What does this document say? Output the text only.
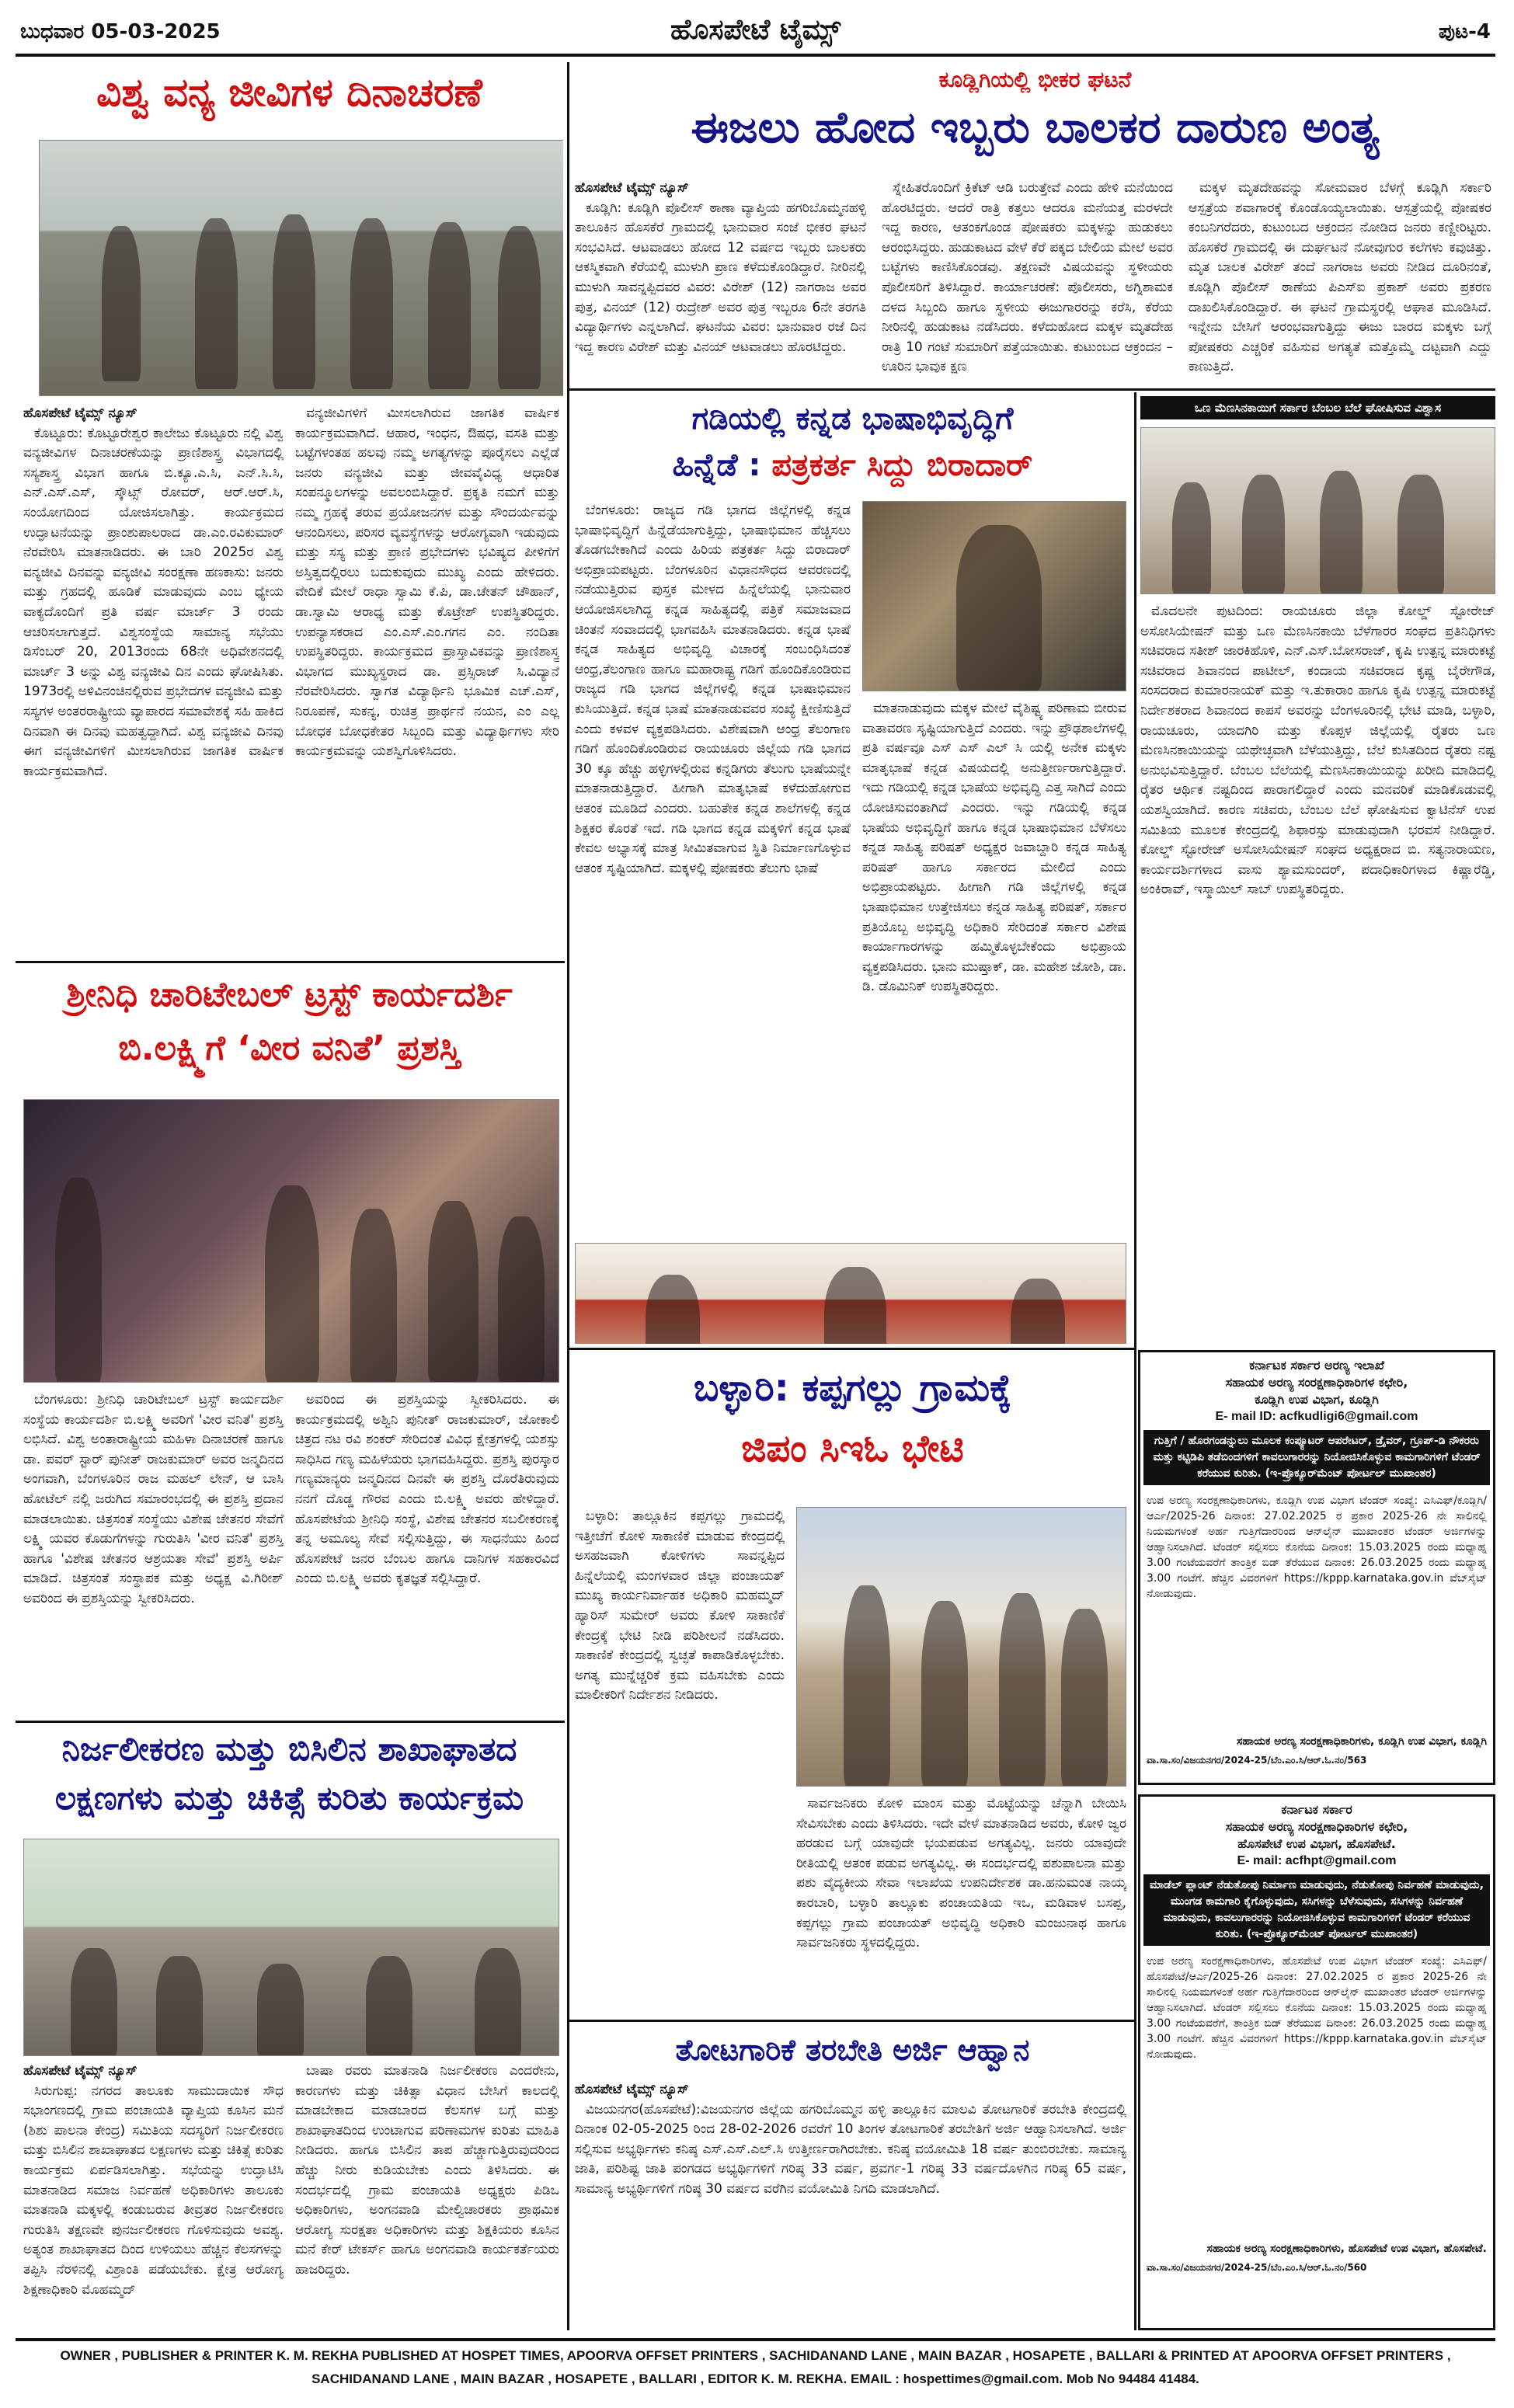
ಬುಧವಾರ 05-03-2025	ಹೊಸಪೇಟೆ ಟೈಮ್ಸ್	ಪುಟ-4
ವಿಶ್ವ ವನ್ಯ ಜೀವಿಗಳ ದಿನಾಚರಣೆ
ಹೊಸಪೇಟೆ ಟೈಮ್ಸ್ ನ್ಯೂಸ್

ಕೊಟ್ಟೂರು: ಕೊಟ್ಟೂರೇಶ್ವರ ಕಾಲೇಜು ಕೊಟ್ಟೂರು ನಲ್ಲಿ ವಿಶ್ವ ವನ್ಯಜೀವಿಗಳ ದಿನಾಚರಣೆಯನ್ನು ಪ್ರಾಣಿಶಾಸ್ತ್ರ ವಿಭಾಗದಲ್ಲಿ ಸಸ್ಯಶಾಸ್ತ್ರ ವಿಭಾಗ ಹಾಗೂ ಬಿ.ಕ್ಯೂ.ಎ.ಸಿ, ಎನ್.ಸಿ.ಸಿ, ಎನ್.ಎಸ್.ಎಸ್, ಸ್ಕೌಟ್ಸ್ ರೋವರ್, ಆರ್.ಆರ್.ಸಿ, ಸಂಯೋಗದಿಂದ ಯೋಜಿಸಲಾಗಿತ್ತು. ಕಾರ್ಯಕ್ರಮದ ಉದ್ಘಾಟನೆಯನ್ನು ಪ್ರಾಂಶುಪಾಲರಾದ ಡಾ.ಎಂ.ರವಿಕುಮಾರ್ ನೆರವೇರಿಸಿ ಮಾತನಾಡಿದರು. ಈ ಬಾರಿ 2025ರ ವಿಶ್ವ ವನ್ಯಜೀವಿ ದಿನವನ್ನು ವನ್ಯಜೀವಿ ಸಂರಕ್ಷಣಾ ಹಣಕಾಸು: ಜನರು ಮತ್ತು ಗ್ರಹದಲ್ಲಿ ಹೂಡಿಕೆ ಮಾಡುವುದು ಎಂಬ ಧ್ಯೇಯ ವಾಕ್ಯದೊಂದಿಗೆ ಪ್ರತಿ ವರ್ಷ ಮಾರ್ಚ್ 3 ರಂದು ಆಚರಿಸಲಾಗುತ್ತದೆ. ವಿಶ್ವಸಂಸ್ಥೆಯ ಸಾಮಾನ್ಯ ಸಭೆಯು ಡಿಸೆಂಬರ್ 20, 2013ರಂದು 68ನೇ ಅಧಿವೇಶನದಲ್ಲಿ ಮಾರ್ಚ್ 3 ಅನ್ನು ವಿಶ್ವ ವನ್ಯಜೀವಿ ದಿನ ಎಂದು ಘೋಷಿಸಿತು. 1973ರಲ್ಲಿ ಅಳಿವಿನಂಚಿನಲ್ಲಿರುವ ಪ್ರಭೇದಗಳ ವನ್ಯಜೀವಿ ಮತ್ತು ಸಸ್ಯಗಳ ಅಂತರರಾಷ್ಟ್ರೀಯ ವ್ಯಾಪಾರದ ಸಮಾವೇಶಕ್ಕೆ ಸಹಿ ಹಾಕಿದ ದಿನವಾಗಿ ಈ ದಿನವು ಮಹತ್ವದ್ದಾಗಿದೆ. ವಿಶ್ವ ವನ್ಯಜೀವಿ ದಿನವು ಈಗ ವನ್ಯಜೀವಿಗಳಿಗೆ ಮೀಸಲಾಗಿರುವ ಜಾಗತಿಕ ವಾರ್ಷಿಕ ಕಾರ್ಯಕ್ರಮವಾಗಿದೆ.

ವನ್ಯಜೀವಿಗಳಿಗೆ ಮೀಸಲಾಗಿರುವ ಜಾಗತಿಕ ವಾರ್ಷಿಕ ಕಾರ್ಯಕ್ರಮವಾಗಿದೆ. ಆಹಾರ, ಇಂಧನ, ಔಷಧ, ವಸತಿ ಮತ್ತು ಬಟ್ಟೆಗಳಂತಹ ಹಲವು ನಮ್ಮ ಅಗತ್ಯಗಳನ್ನು ಪೂರೈಸಲು ಎಲ್ಲೆಡೆ ಜನರು ವನ್ಯಜೀವಿ ಮತ್ತು ಜೀವವೈವಿಧ್ಯ ಆಧಾರಿತ ಸಂಪನ್ಮೂಲಗಳನ್ನು ಅವಲಂಬಿಸಿದ್ದಾರೆ. ಪ್ರಕೃತಿ ನಮಗೆ ಮತ್ತು ನಮ್ಮ ಗ್ರಹಕ್ಕೆ ತರುವ ಪ್ರಯೋಜನಗಳ ಮತ್ತು ಸೌಂದರ್ಯವನ್ನು ಆನಂದಿಸಲು, ಪರಿಸರ ವ್ಯವಸ್ಥೆಗಳನ್ನು ಆರೋಗ್ಯವಾಗಿ ಇಡುವುದು ಮತ್ತು ಸಸ್ಯ ಮತ್ತು ಪ್ರಾಣಿ ಪ್ರಭೇದಗಳು ಭವಿಷ್ಯದ ಪೀಳಿಗೆಗೆ ಅಸ್ತಿತ್ವದಲ್ಲಿರಲು ಬದುಕುವುದು ಮುಖ್ಯ ಎಂದು ಹೇಳಿದರು. ವೇದಿಕೆ ಮೇಲೆ ರಾಧಾ ಸ್ವಾಮಿ ಕೆ.ಪಿ, ಡಾ.ಚೇತನ್ ಚೌಹಾನ್, ಡಾ.ಸ್ವಾಮಿ ಆರಾಧ್ಯ ಮತ್ತು ಕೊಟ್ರೇಶ್ ಉಪಸ್ಥಿತರಿದ್ದರು. ಉಪನ್ಯಾಸಕರಾದ ಎಂ.ಎಸ್.ಎಂ.ಗಗನ ಎಂ. ನಂದಿತಾ ಉಪಸ್ಥಿತರಿದ್ದರು. ಕಾರ್ಯಕ್ರಮದ ಪ್ರಾಸ್ತಾವಿಕವನ್ನು ಪ್ರಾಣಿಶಾಸ್ತ್ರ ವಿಭಾಗದ ಮುಖ್ಯಸ್ಥರಾದ ಡಾ. ಪ್ರಸ್ಸಿರಾಜ್ ಸಿ.ವಿದ್ಯಾನೆ ನೆರವೇರಿಸಿದರು. ಸ್ವಾಗತ ವಿದ್ಯಾರ್ಥಿನಿ ಭೂಮಿಕ ಎಚ್.ಎಸ್, ನಿರೂಪಣೆ, ಸುಕನ್ಯ, ರುಚಿತ್ರ ಪ್ರಾರ್ಥನೆ ನಯನ, ಎಂ ಎಲ್ಲ ಬೋಧಕ ಬೋಧಕೇತರ ಸಿಬ್ಬಂದಿ ಮತ್ತು ವಿದ್ಯಾರ್ಥಿಗಳು ಸೇರಿ ಕಾರ್ಯಕ್ರಮವನ್ನು ಯಶಸ್ವಿಗೊಳಿಸಿದರು.

ಶ್ರೀನಿಧಿ ಚಾರಿಟೇಬಲ್ ಟ್ರಸ್ಟ್ ಕಾರ್ಯದರ್ಶಿ
ಬಿ.ಲಕ್ಷ್ಮಿಗೆ ‘ವೀರ ವನಿತೆ’ ಪ್ರಶಸ್ತಿ

ಬೆಂಗಳೂರು: ಶ್ರೀನಿಧಿ ಚಾರಿಟೇಬಲ್ ಟ್ರಸ್ಟ್ ಕಾರ್ಯದರ್ಶಿ ಸಂಸ್ಥೆಯ ಕಾರ್ಯದರ್ಶಿ ಬಿ.ಲಕ್ಷ್ಮಿ ಅವರಿಗೆ 'ವೀರ ವನಿತೆ' ಪ್ರಶಸ್ತಿ ಲಭಿಸಿದೆ. ವಿಶ್ವ ಅಂತಾರಾಷ್ಟ್ರೀಯ ಮಹಿಳಾ ದಿನಾಚರಣೆ ಹಾಗೂ ಡಾ. ಪವರ್ ಸ್ಟಾರ್ ಪುನೀತ್ ರಾಜಕುಮಾರ್ ಅವರ ಜನ್ಮದಿನದ ಅಂಗವಾಗಿ, ಬೆಂಗಳೂರಿನ ರಾಜ ಮಹಲ್ ಲೇನ್, ಆ ಬಾಸಿ ಹೋಟೆಲ್ ನಲ್ಲಿ ಜರುಗಿದ ಸಮಾರಂಭದಲ್ಲಿ ಈ ಪ್ರಶಸ್ತಿ ಪ್ರದಾನ ಮಾಡಲಾಯಿತು. ಚಿತ್ರಸಂತೆ ಸಂಸ್ಥೆಯು ವಿಶೇಷ ಚೇತನರ ಸೇವೆಗೆ ಲಕ್ಷ್ಮಿ ಯವರ ಕೊಡುಗೆಗಳನ್ನು ಗುರುತಿಸಿ 'ವೀರ ವನಿತೆ' ಪ್ರಶಸ್ತಿ ಹಾಗೂ 'ವಿಶೇಷ ಚೇತನರ ಆಶ್ರಯತಾ ಸೇವೆ' ಪ್ರಶಸ್ತಿ ಅರ್ಪಿ ಮಾಡಿದೆ. ಚಿತ್ರಸಂತೆ ಸಂಸ್ಥಾಪಕ ಮತ್ತು ಅಧ್ಯಕ್ಷ ವಿ.ಗಿರೀಶ್ ಅವರಿಂದ ಈ ಪ್ರಶಸ್ತಿಯನ್ನು ಸ್ವೀಕರಿಸಿದರು.

ಅವರಿಂದ ಈ ಪ್ರಶಸ್ತಿಯನ್ನು ಸ್ವೀಕರಿಸಿದರು. ಈ ಕಾರ್ಯಕ್ರಮದಲ್ಲಿ ಅಶ್ವಿನಿ ಪುನೀತ್ ರಾಜಕುಮಾರ್, ಜೋಕಾಲಿ ಚಿತ್ರದ ನಟ ರವಿ ಶಂಕರ್ ಸೇರಿದಂತೆ ವಿವಿಧ ಕ್ಷೇತ್ರಗಳಲ್ಲಿ ಯಶಸ್ಸು ಸಾಧಿಸಿದ ಗಣ್ಯ ಮಹಿಳೆಯರು ಭಾಗವಹಿಸಿದ್ದರು. ಪ್ರಶಸ್ತಿ ಪುರಸ್ಕಾರ ಗಣ್ಯಮಾನ್ಯರು ಜನ್ಮದಿನದ ದಿನವೇ ಈ ಪ್ರಶಸ್ತಿ ದೊರೆತಿರುವುದು ನನಗೆ ದೊಡ್ಡ ಗೌರವ ಎಂದು ಬಿ.ಲಕ್ಷ್ಮಿ ಅವರು ಹೇಳಿದ್ದಾರೆ. ಹೊಸಪೇಟೆಯ ಶ್ರೀನಿಧಿ ಸಂಸ್ಥೆ, ವಿಶೇಷ ಚೇತನರ ಸಬಲೀಕರಣಕ್ಕೆ ತನ್ನ ಅಮೂಲ್ಯ ಸೇವೆ ಸಲ್ಲಿಸುತ್ತಿದ್ದು, ಈ ಸಾಧನೆಯು ಹಿಂದೆ ಹೊಸಪೇಟೆ ಜನರ ಬೆಂಬಲ ಹಾಗೂ ದಾನಿಗಳ ಸಹಕಾರವಿದೆ ಎಂದು ಬಿ.ಲಕ್ಷ್ಮಿ ಅವರು ಕೃತಜ್ಞತೆ ಸಲ್ಲಿಸಿದ್ದಾರೆ.

ನಿರ್ಜಲೀಕರಣ ಮತ್ತು ಬಿಸಿಲಿನ ಶಾಖಾಘಾತದ
ಲಕ್ಷಣಗಳು ಮತ್ತು ಚಿಕಿತ್ಸೆ ಕುರಿತು ಕಾರ್ಯಕ್ರಮ
ಹೊಸಪೇಟೆ ಟೈಮ್ಸ್ ನ್ಯೂಸ್

ಸಿರುಗುಪ್ಪ: ನಗರದ ತಾಲೂಕು ಸಾಮುದಾಯಿಕ ಸೌಧ ಸಭಾಂಗಣದಲ್ಲಿ ಗ್ರಾಮ ಪಂಚಾಯತಿ ವ್ಯಾಪ್ತಿಯ ಕೂಸಿನ ಮನೆ (ಶಿಶು ಪಾಲನಾ ಕೇಂದ್ರ) ಸಮಿತಿಯ ಸದಸ್ಯರಿಗೆ ನಿರ್ಜಲೀಕರಣ ಮತ್ತು ಬಿಸಿಲಿನ ಶಾಖಾಘಾತದ ಲಕ್ಷಣಗಳು ಮತ್ತು ಚಿಕಿತ್ಸೆ ಕುರಿತು ಕಾರ್ಯಕ್ರಮ ಏರ್ಪಡಿಸಲಾಗಿತ್ತು. ಸಭೆಯನ್ನು ಉದ್ಘಾಟಿಸಿ ಮಾತನಾಡಿದ ಸಮಾಜ ನಿರ್ವಹಣೆ ಅಧಿಕಾರಿಗಳು ತಾಲೂಕು ಮಾತನಾಡಿ ಮಕ್ಕಳಲ್ಲಿ ಕಂಡುಬರುವ ತೀವ್ರತರ ನಿರ್ಜಲೀಕರಣ ಗುರುತಿಸಿ ತಕ್ಷಣವೇ ಪುನರ್ಜಲೀಕರಣ ಗೊಳಿಸುವುದು ಅವಶ್ಯ. ಅತ್ಯಂತ ಶಾಖಾಘಾತದ ದಿಂದ ಉಳಿಯಲು ಹೆಚ್ಚಿನ ಕೆಲಸಗಳನ್ನು ತಪ್ಪಿಸಿ ನೆರಳಿನಲ್ಲಿ ವಿಶ್ರಾಂತಿ ಪಡೆಯಬೇಕು. ಕ್ಷೇತ್ರ ಆರೋಗ್ಯ ಶಿಕ್ಷಣಾಧಿಕಾರಿ ಮೊಹಮ್ಮದ್

ಬಾಷಾ ರವರು ಮಾತನಾಡಿ ನಿರ್ಜಲೀಕರಣ ಎಂದರೇನು, ಕಾರಣಗಳು ಮತ್ತು ಚಿಕಿತ್ಸಾ ವಿಧಾನ ಬೇಸಿಗೆ ಕಾಲದಲ್ಲಿ ಮಾಡಬೇಕಾದ ಮಾಡಬಾರದ ಕೆಲಸಗಳ ಬಗ್ಗೆ ಮತ್ತು ಶಾಖಾಘಾತದಿಂದ ಉಂಟಾಗುವ ಪರಿಣಾಮಗಳ ಕುರಿತು ಮಾಹಿತಿ ನೀಡಿದರು. ಹಾಗೂ ಬಿಸಿಲಿನ ತಾಪ ಹೆಚ್ಚಾಗುತ್ತಿರುವುದರಿಂದ ಹೆಚ್ಚು ನೀರು ಕುಡಿಯಬೇಕು ಎಂದು ತಿಳಿಸಿದರು. ಈ ಸಂದರ್ಭದಲ್ಲಿ ಗ್ರಾಮ ಪಂಚಾಯತಿ ಅಧ್ಯಕ್ಷರು ಪಿಡಿಒ ಅಧಿಕಾರಿಗಳು, ಅಂಗನವಾಡಿ ಮೇಲ್ವಿಚಾರಕರು ಪ್ರಾಥಮಿಕ ಆರೋಗ್ಯ ಸುರಕ್ಷತಾ ಅಧಿಕಾರಿಗಳು ಮತ್ತು ಶಿಕ್ಷಕಿಯರು ಕೂಸಿನ ಮನೆ ಕೇರ್ ಟೇಕರ್ಸ್ ಹಾಗೂ ಅಂಗನವಾಡಿ ಕಾರ್ಯಕರ್ತೆಯರು ಹಾಜರಿದ್ದರು.

ಕೂಡ್ಲಿಗಿಯಲ್ಲಿ ಭೀಕರ ಘಟನೆ
ಈಜಲು ಹೋದ ಇಬ್ಬರು ಬಾಲಕರ ದಾರುಣ ಅಂತ್ಯ
ಹೊಸಪೇಟೆ ಟೈಮ್ಸ್ ನ್ಯೂಸ್

ಕೂಡ್ಲಿಗಿ: ಕೂಡ್ಲಿಗಿ ಪೊಲೀಸ್ ಠಾಣಾ ವ್ಯಾಪ್ತಿಯ ಹಗರಿಬೊಮ್ಮನಹಳ್ಳಿ ತಾಲೂಕಿನ ಹೊಸಕೆರೆ ಗ್ರಾಮದಲ್ಲಿ ಭಾನುವಾರ ಸಂಜೆ ಭೀಕರ ಘಟನೆ ಸಂಭವಿಸಿದೆ. ಆಟವಾಡಲು ಹೋದ 12 ವರ್ಷದ ಇಬ್ಬರು ಬಾಲಕರು ಆಕಸ್ಮಿಕವಾಗಿ ಕೆರೆಯಲ್ಲಿ ಮುಳುಗಿ ಪ್ರಾಣ ಕಳೆದುಕೊಂಡಿದ್ದಾರೆ. ನೀರಿನಲ್ಲಿ ಮುಳುಗಿ ಸಾವನ್ನಪ್ಪಿದವರ ವಿವರ: ವಿರೇಶ್ (12) ನಾಗರಾಜ ಅವರ ಪುತ್ರ, ವಿನಯ್ (12) ರುದ್ರೇಶ್ ಅವರ ಪುತ್ರ ಇಬ್ಬರೂ 6ನೇ ತರಗತಿ ವಿದ್ಯಾರ್ಥಿಗಳು ಎನ್ನಲಾಗಿದೆ. ಘಟನೆಯ ವಿವರ: ಭಾನುವಾರ ರಜೆ ದಿನ ಇದ್ದ ಕಾರಣ ವಿರೇಶ್ ಮತ್ತು ವಿನಯ್ ಆಟವಾಡಲು ಹೊರಟಿದ್ದರು.

ಸ್ನೇಹಿತರೊಂದಿಗೆ ಕ್ರಿಕೆಟ್ ಆಡಿ ಬರುತ್ತೇವೆ ಎಂದು ಹೇಳಿ ಮನೆಯಿಂದ ಹೊರಟಿದ್ದರು. ಆದರೆ ರಾತ್ರಿ ಕತ್ತಲು ಆದರೂ ಮನೆಯತ್ತ ಮರಳದೇ ಇದ್ದ ಕಾರಣ, ಆತಂಕಗೊಂಡ ಪೋಷಕರು ಮಕ್ಕಳನ್ನು ಹುಡುಕಲು ಆರಂಭಿಸಿದ್ದರು. ಹುಡುಕಾಟದ ವೇಳೆ ಕೆರೆ ಪಕ್ಕದ ಬೇಲಿಯ ಮೇಲೆ ಅವರ ಬಟ್ಟೆಗಳು ಕಾಣಿಸಿಕೊಂಡವು. ತಕ್ಷಣವೇ ವಿಷಯವನ್ನು ಸ್ಥಳೀಯರು ಪೊಲೀಸರಿಗೆ ತಿಳಿಸಿದ್ದಾರೆ. ಕಾರ್ಯಾಚರಣೆ: ಪೊಲೀಸರು, ಅಗ್ನಿಶಾಮಕ ದಳದ ಸಿಬ್ಬಂದಿ ಹಾಗೂ ಸ್ಥಳೀಯ ಈಜುಗಾರರನ್ನು ಕರೆಸಿ, ಕೆರೆಯ ನೀರಿನಲ್ಲಿ ಹುಡುಕಾಟ ನಡೆಸಿದರು. ಕಳೆದುಹೋದ ಮಕ್ಕಳ ಮೃತದೇಹ ರಾತ್ರಿ 10 ಗಂಟೆ ಸುಮಾರಿಗೆ ಪತ್ತೆಯಾಯಿತು. ಕುಟುಂಬದ ಆಕ್ರಂದನ – ಊರಿನ ಭಾವುಕ ಕ್ಷಣ

ಮಕ್ಕಳ ಮೃತದೇಹವನ್ನು ಸೋಮವಾರ ಬೆಳಗ್ಗೆ ಕೂಡ್ಲಿಗಿ ಸರ್ಕಾರಿ ಆಸ್ಪತ್ರೆಯ ಶವಾಗಾರಕ್ಕೆ ಕೊಂಡೊಯ್ಯಲಾಯಿತು. ಆಸ್ಪತ್ರೆಯಲ್ಲಿ ಪೋಷಕರ ಕಂಬನಿಗರೆದರು, ಕುಟುಂಬದ ಆಕ್ರಂದನ ನೋಡಿದ ಜನರು ಕಣ್ಣೀರಿಟ್ಟರು. ಹೊಸಕೆರೆ ಗ್ರಾಮದಲ್ಲಿ ಈ ದುರ್ಘಟನೆ ನೋವುಗುರ ಕಲೆಗಳು ಕವುಚಿತ್ತು. ಮೃತ ಬಾಲಕ ವಿರೇಶ್ ತಂದೆ ನಾಗರಾಜ ಅವರು ನೀಡಿದ ದೂರಿನಂತೆ, ಕೂಡ್ಲಿಗಿ ಪೊಲೀಸ್ ಠಾಣೆಯ ಪಿಎಸ್‌ಐ ಪ್ರಕಾಶ್ ಅವರು ಪ್ರಕರಣ ದಾಖಲಿಸಿಕೊಂಡಿದ್ದಾರೆ. ಈ ಘಟನೆ ಗ್ರಾಮಸ್ಥರಲ್ಲಿ ಆಘಾತ ಮೂಡಿಸಿದೆ. ಇನ್ನೇನು ಬೇಸಿಗೆ ಆರಂಭವಾಗುತ್ತಿದ್ದು ಈಜು ಬಾರದ ಮಕ್ಕಳು ಬಗ್ಗೆ ಪೋಷಕರು ಎಚ್ಚರಿಕೆ ವಹಿಸುವ ಅಗತ್ಯತೆ ಮತ್ತೊಮ್ಮೆ ದಟ್ಟವಾಗಿ ಎದ್ದು ಕಾಣುತ್ತಿದೆ.

ಗಡಿಯಲ್ಲಿ ಕನ್ನಡ ಭಾಷಾಭಿವೃದ್ಧಿಗೆ
ಹಿನ್ನೆಡೆ : ಪತ್ರಕರ್ತ ಸಿದ್ದು ಬಿರಾದಾರ್

ಬೆಂಗಳೂರು: ರಾಜ್ಯದ ಗಡಿ ಭಾಗದ ಜಿಲ್ಲೆಗಳಲ್ಲಿ ಕನ್ನಡ ಭಾಷಾಭಿವೃದ್ಧಿಗೆ ಹಿನ್ನೆಡೆಯಾಗುತ್ತಿದ್ದು, ಭಾಷಾಭಿಮಾನ ಹೆಚ್ಚಿಸಲು ತೊಡಗಬೇಕಾಗಿದೆ ಎಂದು ಹಿರಿಯ ಪತ್ರಕರ್ತ ಸಿದ್ದು ಬಿರಾದಾರ್ ಅಭಿಪ್ರಾಯಪಟ್ಟರು. ಬೆಂಗಳೂರಿನ ವಿಧಾನಸೌಧದ ಆವರಣದಲ್ಲಿ ನಡೆಯುತ್ತಿರುವ ಪುಸ್ತಕ ಮೇಳದ ಹಿನ್ನೆಲೆಯಲ್ಲಿ ಭಾನುವಾರ ಆಯೋಜಿಸಲಾಗಿದ್ದ ಕನ್ನಡ ಸಾಹಿತ್ಯದಲ್ಲಿ ಪತ್ರಿಕೆ ಸಮಾಜವಾದ ಚಿಂತನೆ ಸಂವಾದದಲ್ಲಿ ಭಾಗವಹಿಸಿ ಮಾತನಾಡಿದರು. ಕನ್ನಡ ಭಾಷೆ ಕನ್ನಡ ಸಾಹಿತ್ಯದ ಅಭಿವೃದ್ಧಿ ವಿಚಾರಕ್ಕೆ ಸಂಬಂಧಿಸಿದಂತೆ ಆಂಧ್ರ,ತೆಲಂಗಾಣ ಹಾಗೂ ಮಹಾರಾಷ್ಟ್ರ ಗಡಿಗೆ ಹೊಂದಿಕೊಂಡಿರುವ ರಾಜ್ಯದ ಗಡಿ ಭಾಗದ ಜಿಲ್ಲೆಗಳಲ್ಲಿ ಕನ್ನಡ ಭಾಷಾಭಿಮಾನ ಕುಸಿಯುತ್ತಿದೆ. ಕನ್ನಡ ಭಾಷೆ ಮಾತನಾಡುವವರ ಸಂಖ್ಯೆ ಕ್ಷೀಣಿಸುತ್ತಿದೆ ಎಂದು ಕಳವಳ ವ್ಯಕ್ತಪಡಿಸಿದರು. ವಿಶೇಷವಾಗಿ ಆಂಧ್ರ ತೆಲಂಗಾಣ ಗಡಿಗೆ ಹೊಂದಿಕೊಂಡಿರುವ ರಾಯಚೂರು ಜಿಲ್ಲೆಯ ಗಡಿ ಭಾಗದ 30 ಕ್ಕೂ ಹೆಚ್ಚು ಹಳ್ಳಿಗಳಲ್ಲಿರುವ ಕನ್ನಡಿಗರು ತೆಲುಗು ಭಾಷೆಯನ್ನೇ ಮಾತನಾಡುತ್ತಿದ್ದಾರೆ. ಹೀಗಾಗಿ ಮಾತೃಭಾಷೆ ಕಳೆದುಹೋಗುವ ಆತಂಕ ಮೂಡಿದೆ ಎಂದರು. ಬಹುತೇಕ ಕನ್ನಡ ಶಾಲೆಗಳಲ್ಲಿ ಕನ್ನಡ ಶಿಕ್ಷಕರ ಕೊರತೆ ಇದೆ. ಗಡಿ ಭಾಗದ ಕನ್ನಡ ಮಕ್ಕಳಿಗೆ ಕನ್ನಡ ಭಾಷೆ ಕೇವಲ ಅಭ್ಯಾಸಕ್ಕೆ ಮಾತ್ರ ಸೀಮಿತವಾಗುವ ಸ್ಥಿತಿ ನಿರ್ಮಾಣಗೊಳ್ಳುವ ಆತಂಕ ಸೃಷ್ಟಿಯಾಗಿದೆ. ಮಕ್ಕಳಲ್ಲಿ ಪೋಷಕರು ತೆಲುಗು ಭಾಷೆ

ಮಾತನಾಡುವುದು ಮಕ್ಕಳ ಮೇಲೆ ವೈಶಿಷ್ಟ್ಯ ಪರಿಣಾಮ ಬೀರುವ ವಾತಾವರಣ ಸೃಷ್ಟಿಯಾಗುತ್ತಿದೆ ಎಂದರು. ಇನ್ನು ಪ್ರೌಢಶಾಲೆಗಳಲ್ಲಿ ಪ್ರತಿ ವರ್ಷವೂ ಎಸ್ ಎಸ್ ಎಲ್ ಸಿ ಯಲ್ಲಿ ಅನೇಕ ಮಕ್ಕಳು ಮಾತೃಭಾಷೆ ಕನ್ನಡ ವಿಷಯದಲ್ಲಿ ಅನುತ್ತೀರ್ಣರಾಗುತ್ತಿದ್ದಾರೆ. ಇದು ಗಡಿಯಲ್ಲಿ ಕನ್ನಡ ಭಾಷೆಯ ಅಭಿವೃದ್ಧಿ ಎತ್ತ ಸಾಗಿದೆ ಎಂದು ಯೋಚಿಸುವಂತಾಗಿದೆ ಎಂದರು. ಇನ್ನು ಗಡಿಯಲ್ಲಿ ಕನ್ನಡ ಭಾಷೆಯ ಅಭಿವೃದ್ಧಿಗೆ ಹಾಗೂ ಕನ್ನಡ ಭಾಷಾಭಿಮಾನ ಬೆಳೆಸಲು ಕನ್ನಡ ಸಾಹಿತ್ಯ ಪರಿಷತ್ ಅಧ್ಯಕ್ಷರ ಜವಾಬ್ದಾರಿ ಕನ್ನಡ ಸಾಹಿತ್ಯ ಪರಿಷತ್ ಹಾಗೂ ಸರ್ಕಾರದ ಮೇಲಿದೆ ಎಂದು ಅಭಿಪ್ರಾಯಪಟ್ಟರು. ಹೀಗಾಗಿ ಗಡಿ ಜಿಲ್ಲೆಗಳಲ್ಲಿ ಕನ್ನಡ ಭಾಷಾಭಿಮಾನ ಉತ್ತೇಜಿಸಲು ಕನ್ನಡ ಸಾಹಿತ್ಯ ಪರಿಷತ್, ಸರ್ಕಾರ ಪ್ರತಿಯೊಬ್ಬ ಅಭಿವೃದ್ಧಿ ಅಧಿಕಾರಿ ಸೇರಿದಂತೆ ಸರ್ಕಾರ ವಿಶೇಷ ಕಾರ್ಯಾಗಾರಗಳನ್ನು ಹಮ್ಮಿಕೊಳ್ಳಬೇಕೆಂದು ಅಭಿಪ್ರಾಯ ವ್ಯಕ್ತಪಡಿಸಿದರು. ಭಾನು ಮುಷ್ತಾಕ್, ಡಾ. ಮಹೇಶ ಜೋಶಿ, ಡಾ. ಡಿ. ಡೊಮಿನಿಕ್ ಉಪಸ್ಥಿತರಿದ್ದರು.

ಒಣ ಮೆಣಸಿನಕಾಯಿಗೆ ಸರ್ಕಾರ ಬೆಂಬಲ ಬೆಲೆ ಘೋಷಿಸುವ ವಿಶ್ವಾಸ

ಮೊದಲನೇ ಪುಟದಿಂದ: ರಾಯಚೂರು ಜಿಲ್ಲಾ ಕೋಲ್ಡ್ ಸ್ಟೋರೇಜ್ ಅಸೋಸಿಯೇಷನ್ ಮತ್ತು ಒಣ ಮೆಣಸಿನಕಾಯಿ ಬೆಳೆಗಾರರ ಸಂಘದ ಪ್ರತಿನಿಧಿಗಳು ಸಚಿವರಾದ ಸತೀಶ್ ಜಾರಕಿಹೊಳಿ, ಎನ್.ಎಸ್.ಬೋಸರಾಜ್, ಕೃಷಿ ಉತ್ಪನ್ನ ಮಾರುಕಟ್ಟೆ ಸಚಿವರಾದ ಶಿವಾನಂದ ಪಾಟೀಲ್, ಕಂದಾಯ ಸಚಿವರಾದ ಕೃಷ್ಣ ಬೈರೇಗೌಡ, ಸಂಸದರಾದ ಕುಮಾರನಾಯಕ್ ಮತ್ತು ಇ.ತುಕಾರಾಂ ಹಾಗೂ ಕೃಷಿ ಉತ್ಪನ್ನ ಮಾರುಕಟ್ಟೆ ನಿರ್ದೇಶಕರಾದ ಶಿವಾನಂದ ಕಾಪಸೆ ಅವರನ್ನು ಬೆಂಗಳೂರಿನಲ್ಲಿ ಭೇಟಿ ಮಾಡಿ, ಬಳ್ಳಾರಿ, ರಾಯಚೂರು, ಯಾದಗಿರಿ ಮತ್ತು ಕೊಪ್ಪಳ ಜಿಲ್ಲೆಯಲ್ಲಿ ರೈತರು ಒಣ ಮೆಣಸಿನಕಾಯಿಯನ್ನು ಯಥೇಚ್ಛವಾಗಿ ಬೆಳೆಯುತ್ತಿದ್ದು, ಬೆಲೆ ಕುಸಿತದಿಂದ ರೈತರು ನಷ್ಟ ಅನುಭವಿಸುತ್ತಿದ್ದಾರೆ. ಬೆಂಬಲ ಬೆಲೆಯಲ್ಲಿ ಮೆಣಸಿನಕಾಯಿಯನ್ನು ಖರೀದಿ ಮಾಡಿದಲ್ಲಿ ರೈತರ ಆರ್ಥಿಕ ನಷ್ಟದಿಂದ ಪಾರಾಗಲಿದ್ದಾರೆ ಎಂದು ಮನವರಿಕೆ ಮಾಡಿಕೊಡುವಲ್ಲಿ ಯಶಸ್ವಿಯಾಗಿದೆ. ಕಾರಣ ಸಚಿವರು, ಬೆಂಬಲ ಬೆಲೆ ಘೋಷಿಸುವ ಕ್ವಾಟಿನೆಸ್ ಉಪ ಸಮಿತಿಯ ಮೂಲಕ ಕೇಂದ್ರದಲ್ಲಿ ಶಿಫಾರಸ್ಸು ಮಾಡುವುದಾಗಿ ಭರವಸೆ ನೀಡಿದ್ದಾರೆ. ಕೋಲ್ಡ್ ಸ್ಟೋರೇಜ್ ಅಸೋಸಿಯೇಷನ್ ಸಂಘದ ಅಧ್ಯಕ್ಷರಾದ ಬಿ. ಸತ್ಯನಾರಾಯಣ, ಕಾರ್ಯದರ್ಶಿಗಳಾದ ವಾಸು ಶ್ಯಾಮಸುಂದರ್, ಪದಾಧಿಕಾರಿಗಳಾದ ಕಿಷ್ಣಾರೆಡ್ಡಿ, ಅಂಕಿರಾವ್, ಇಸ್ಮಾಯಿಲ್ ಸಾಬ್ ಉಪಸ್ಥಿತರಿದ್ದರು.

ಕರ್ನಾಟಕ ಸರ್ಕಾರ ಅರಣ್ಯ ಇಲಾಖೆ
ಸಹಾಯಕ ಅರಣ್ಯ ಸಂರಕ್ಷಣಾಧಿಕಾರಿಗಳ ಕಛೇರಿ,
ಕೂಡ್ಲಿಗಿ ಉಪ ವಿಭಾಗ, ಕೂಡ್ಲಿಗಿ
E- mail ID: acfkudligi6@gmail.com
ಗುತ್ತಿಗೆ / ಹೊರಗಂಡನ್ನುಲು ಮೂಲಕ ಕಂಪ್ಯೂಟರ್ ಆಪರೇಟರ್, ಡ್ರೈವರ್, ಗ್ರೂಪ್-ಡಿ ನೌಕರರು ಮತ್ತು ಕಟ್ಟಿಡಿಪಿ ತಡೆಬಿಂದಗಳಿಗೆ ಕಾವಲುಗಾರರನ್ನು ನಿಯೋಜಿಸಿಕೊಳ್ಳುವ ಕಾಮಗಾರಿಗಳಿಗೆ ಟೆಂಡರ್ ಕರೆಯುವ ಕುರಿತು. (ಇ-ಪ್ರೊಕ್ಯೂರ್‌ಮೆಂಟ್ ಪೋರ್ಟಲ್ ಮುಖಾಂತರ)
ಉಪ ಅರಣ್ಯ ಸಂರಕ್ಷಣಾಧಿಕಾರಿಗಳು, ಕೂಡ್ಲಿಗಿ ಉಪ ವಿಭಾಗ ಟೆಂಡರ್ ಸಂಖ್ಯೆ: ಎಸಿಎಫ್/ಕೂಡ್ಲಿಗಿ/ಆರ್ಎ/2025-26 ದಿನಾಂಕ: 27.02.2025 ರ ಪ್ರಕಾರ 2025-26 ನೇ ಸಾಲಿನಲ್ಲಿ ನಿಯಮಗಳಂತೆ ಅರ್ಹ ಗುತ್ತಿಗೆದಾರರಿಂದ ಆನ್‌ಲೈನ್ ಮುಖಾಂತರ ಟೆಂಡರ್ ಅರ್ಜಿಗಳನ್ನು ಆಹ್ವಾನಿಸಲಾಗಿದೆ. ಟೆಂಡರ್ ಸಲ್ಲಿಸಲು ಕೊನೆಯ ದಿನಾಂಕ: 15.03.2025 ರಂದು ಮಧ್ಯಾಹ್ನ 3.00 ಗಂಟೆಯವರೆಗೆ ತಾಂತ್ರಿಕ ಬಿಡ್ ತೆರೆಯುವ ದಿನಾಂಕ: 26.03.2025 ರಂದು ಮಧ್ಯಾಹ್ನ 3.00 ಗಂಟೆಗೆ. ಹೆಚ್ಚಿನ ವಿವರಗಳಿಗೆ https://kppp.karnataka.gov.in ವೆಬ್‌ಸೈಟ್ ನೋಡುವುದು.
ಸಹಾಯಕ ಅರಣ್ಯ ಸಂರಕ್ಷಣಾಧಿಕಾರಿಗಳು, ಕೂಡ್ಲಿಗಿ ಉಪ ವಿಭಾಗ, ಕೂಡ್ಲಿಗಿ
ವಾ.ಸಾ.ಸಂ/ವಿಜಯನಗರ/2024-25/ಬೆಂ.ಎಂ.ಸಿ/ಆರ್.ಓ.ನಂ/563
ಕರ್ನಾಟಕ ಸರ್ಕಾರ
ಸಹಾಯಕ ಅರಣ್ಯ ಸಂರಕ್ಷಣಾಧಿಕಾರಿಗಳ ಕಛೇರಿ,
ಹೊಸಪೇಟೆ ಉಪ ವಿಭಾಗ, ಹೊಸಪೇಟೆ.
E- mail: acfhpt@gmail.com
ಮಾಡೆಲ್ ಪ್ಲಾಂಟ್ ನೆಡುತೋಪು ನಿರ್ಮಾಣ ಮಾಡುವುದು, ನೆಡುತೋಪು ನಿರ್ವಹಣೆ ಮಾಡುವುದು, ಮುಂಗಡ ಕಾಮಗಾರಿ ಕೈಗೊಳ್ಳುವುದು, ಸಸಿಗಳನ್ನು ಬೆಳೆಸುವುದು, ಸಸಿಗಳನ್ನು ನಿರ್ವಹಣೆ ಮಾಡುವುದು, ಕಾವಲುಗಾರರನ್ನು ನಿಯೋಜಿಸಿಕೊಳ್ಳುವ ಕಾಮಗಾರಿಗಳಿಗೆ ಟೆಂಡರ್ ಕರೆಯುವ ಕುರಿತು. (ಇ-ಪ್ರೊಕ್ಯೂರ್‌ಮೆಂಟ್ ಪೋರ್ಟಲ್ ಮುಖಾಂತರ)
ಉಪ ಅರಣ್ಯ ಸಂರಕ್ಷಣಾಧಿಕಾರಿಗಳು, ಹೊಸಪೇಟೆ ಉಪ ವಿಭಾಗ ಟೆಂಡರ್ ಸಂಖ್ಯೆ: ಎಸಿಎಫ್/ಹೊಸಪೇಟೆ/ಆರ್ಎ/2025-26 ದಿನಾಂಕ: 27.02.2025 ರ ಪ್ರಕಾರ 2025-26 ನೇ ಸಾಲಿನಲ್ಲಿ ನಿಯಮಗಳಂತೆ ಅರ್ಹ ಗುತ್ತಿಗೆದಾರರಿಂದ ಆನ್‌ಲೈನ್ ಮುಖಾಂತರ ಟೆಂಡರ್ ಅರ್ಜಿಗಳನ್ನು ಆಹ್ವಾನಿಸಲಾಗಿದೆ. ಟೆಂಡರ್ ಸಲ್ಲಿಸಲು ಕೊನೆಯ ದಿನಾಂಕ: 15.03.2025 ರಂದು ಮಧ್ಯಾಹ್ನ 3.00 ಗಂಟೆಯವರೆಗೆ, ತಾಂತ್ರಿಕ ಬಿಡ್ ತೆರೆಯುವ ದಿನಾಂಕ: 26.03.2025 ರಂದು ಮಧ್ಯಾಹ್ನ 3.00 ಗಂಟೆಗೆ. ಹೆಚ್ಚಿನ ವಿವರಗಳಿಗೆ https://kppp.karnataka.gov.in ವೆಬ್‌ಸೈಟ್ ನೋಡುವುದು.
ಸಹಾಯಕ ಅರಣ್ಯ ಸಂರಕ್ಷಣಾಧಿಕಾರಿಗಳು, ಹೊಸಪೇಟೆ ಉಪ ವಿಭಾಗ, ಹೊಸಪೇಟೆ.
ವಾ.ಸಾ.ಸಂ/ವಿಜಯನಗರ/2024-25/ಬೆಂ.ಎಂ.ಸಿ/ಆರ್.ಓ.ನಂ/560
ಬಳ್ಳಾರಿ: ಕಪ್ಪಗಲ್ಲು ಗ್ರಾಮಕ್ಕೆ
ಜಿಪಂ ಸಿಇಓ ಭೇಟಿ

ಬಳ್ಳಾರಿ: ತಾಲ್ಲೂಕಿನ ಕಪ್ಪಗಲ್ಲು ಗ್ರಾಮದಲ್ಲಿ ಇತ್ತೀಚೆಗೆ ಕೋಳಿ ಸಾಕಾಣಿಕೆ ಮಾಡುವ ಕೇಂದ್ರದಲ್ಲಿ ಅಸಹಜವಾಗಿ ಕೋಳಿಗಳು ಸಾವನ್ನಪ್ಪಿದ ಹಿನ್ನೆಲೆಯಲ್ಲಿ ಮಂಗಳವಾರ ಜಿಲ್ಲಾ ಪಂಚಾಯತ್ ಮುಖ್ಯ ಕಾರ್ಯನಿರ್ವಾಹಕ ಅಧಿಕಾರಿ ಮಹಮ್ಮದ್ ಹ್ಯಾರಿಸ್ ಸುಮೇರ್ ಅವರು ಕೋಳಿ ಸಾಕಾಣಿಕೆ ಕೇಂದ್ರಕ್ಕೆ ಭೇಟಿ ನೀಡಿ ಪರಿಶೀಲನೆ ನಡೆಸಿದರು. ಸಾಕಾಣಿಕೆ ಕೇಂದ್ರದಲ್ಲಿ ಸ್ವಚ್ಛತೆ ಕಾಪಾಡಿಕೊಳ್ಳಬೇಕು. ಅಗತ್ಯ ಮುನ್ನೆಚ್ಚರಿಕೆ ಕ್ರಮ ವಹಿಸಬೇಕು ಎಂದು ಮಾಲೀಕರಿಗೆ ನಿರ್ದೇಶನ ನೀಡಿದರು.

ಸಾರ್ವಜನಿಕರು ಕೋಳಿ ಮಾಂಸ ಮತ್ತು ಮೊಟ್ಟೆಯನ್ನು ಚೆನ್ನಾಗಿ ಬೇಯಿಸಿ ಸೇವಿಸಬೇಕು ಎಂದು ತಿಳಿಸಿದರು. ಇದೇ ವೇಳೆ ಮಾತನಾಡಿದ ಅವರು, ಕೋಳಿ ಜ್ವರ ಹರಡುವ ಬಗ್ಗೆ ಯಾವುದೇ ಭಯಪಡುವ ಅಗತ್ಯವಿಲ್ಲ. ಜನರು ಯಾವುದೇ ರೀತಿಯಲ್ಲಿ ಆತಂಕ ಪಡುವ ಅಗತ್ಯವಿಲ್ಲ. ಈ ಸಂದರ್ಭದಲ್ಲಿ ಪಶುಪಾಲನಾ ಮತ್ತು ಪಶು ವೈದ್ಯಕೀಯ ಸೇವಾ ಇಲಾಖೆಯ ಉಪನಿರ್ದೇಶಕ ಡಾ.ಹನುಮಂತ ನಾಯ್ಕ ಕಾರಬಾರಿ, ಬಳ್ಳಾರಿ ತಾಲ್ಲೂಕು ಪಂಚಾಯತಿಯ ಇಒ, ಮಡಿವಾಳ ಬಸಪ್ಪ, ಕಪ್ಪಗಲ್ಲು ಗ್ರಾಮ ಪಂಚಾಯತ್ ಅಭಿವೃದ್ಧಿ ಅಧಿಕಾರಿ ಮಂಜುನಾಥ ಹಾಗೂ ಸಾರ್ವಜನಿಕರು ಸ್ಥಳದಲ್ಲಿದ್ದರು.

ತೋಟಗಾರಿಕೆ ತರಬೇತಿ ಅರ್ಜಿ ಆಹ್ವಾನ
ಹೊಸಪೇಟೆ ಟೈಮ್ಸ್ ನ್ಯೂಸ್

ವಿಜಯನಗರ(ಹೊಸಪೇಟೆ):ವಿಜಯನಗರ ಜಿಲ್ಲೆಯ ಹಗರಿಬೊಮ್ಮನ ಹಳ್ಳಿ ತಾಲ್ಲೂಕಿನ ಮಾಲವಿ ತೋಟಗಾರಿಕೆ ತರಬೇತಿ ಕೇಂದ್ರದಲ್ಲಿ ದಿನಾಂಕ 02-05-2025 ರಿಂದ 28-02-2026 ರವರೆಗೆ 10 ತಿಂಗಳ ತೋಟಗಾರಿಕೆ ತರಬೇತಿಗೆ ಅರ್ಜಿ ಆಹ್ವಾನಿಸಲಾಗಿದೆ. ಅರ್ಜಿ ಸಲ್ಲಿಸುವ ಅಭ್ಯರ್ಥಿಗಳು ಕನಿಷ್ಠ ಎಸ್.ಎಸ್.ಎಲ್.ಸಿ ಉತ್ತೀರ್ಣರಾಗಿರಬೇಕು. ಕನಿಷ್ಠ ವಯೋಮಿತಿ 18 ವರ್ಷ ತುಂಬಿರಬೇಕು. ಸಾಮಾನ್ಯ ಜಾತಿ, ಪರಿಶಿಷ್ಟ ಜಾತಿ ಪಂಗಡದ ಅಭ್ಯರ್ಥಿಗಳಿಗೆ ಗರಿಷ್ಠ 33 ವರ್ಷ, ಪ್ರವರ್ಗ-1 ಗರಿಷ್ಠ 33 ವರ್ಷದೊಳಗಿನ ಗರಿಷ್ಠ 65 ವರ್ಷ, ಸಾಮಾನ್ಯ ಅಭ್ಯರ್ಥಿಗಳಿಗೆ ಗರಿಷ್ಠ 30 ವರ್ಷದ ವರೆಗಿನ ವಯೋಮಿತಿ ನಿಗದಿ ಮಾಡಲಾಗಿದೆ.

OWNER , PUBLISHER & PRINTER K. M. REKHA PUBLISHED AT HOSPET TIMES, APOORVA OFFSET PRINTERS , SACHIDANAND LANE , MAIN BAZAR , HOSAPETE , BALLARI & PRINTED AT APOORVA OFFSET PRINTERS ,
SACHIDANAND LANE , MAIN BAZAR , HOSAPETE , BALLARI , EDITOR K. M. REKHA. EMAIL : hospettimes@gmail.com. Mob No 94484 41484.
